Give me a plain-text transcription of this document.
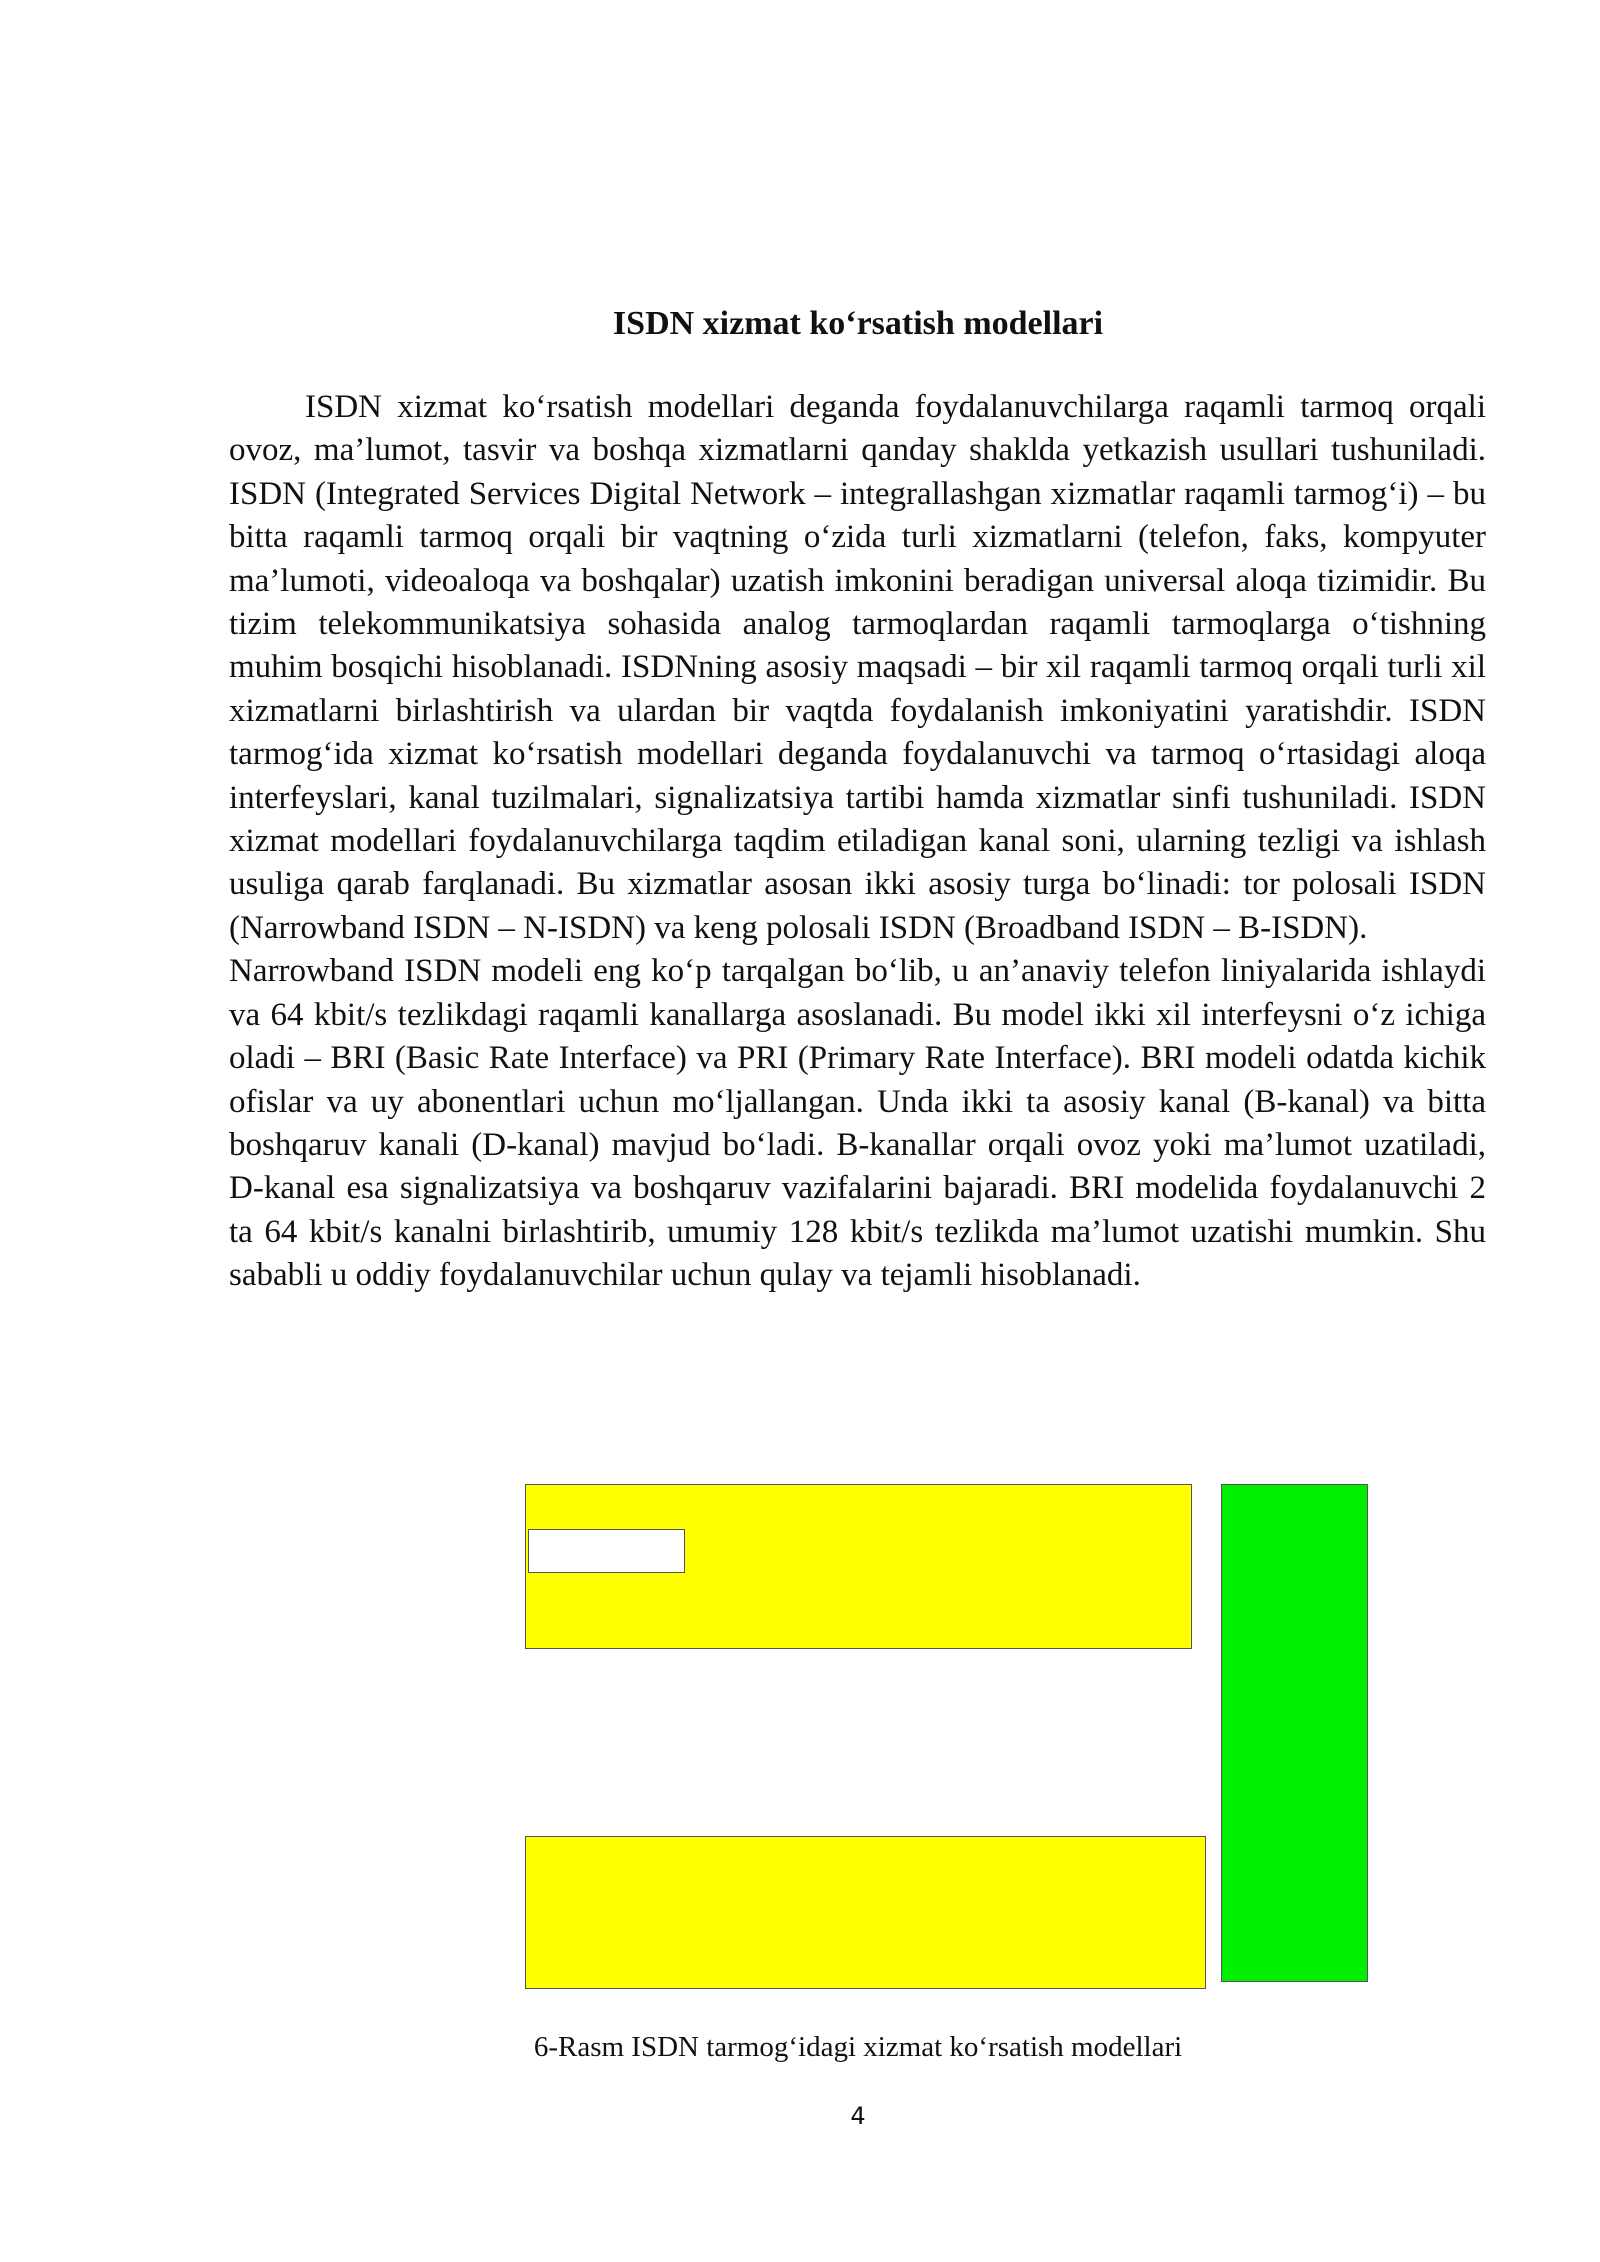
ISDN xizmat ko‘rsatish modellari

ISDN xizmat ko‘rsatish modellari deganda foydalanuvchilarga raqamli tarmoq orqali ovoz, ma’lumot, tasvir va boshqa xizmatlarni qanday shaklda yetkazish usullari tushuniladi. ISDN (Integrated Services Digital Network – integrallashgan xizmatlar raqamli tarmog‘i) – bu bitta raqamli tarmoq orqali bir vaqtning o‘zida turli xizmatlarni (telefon, faks, kompyuter ma’lumoti, videoaloqa va boshqalar) uzatish imkonini beradigan universal aloqa tizimidir. Bu tizim telekommunikatsiya sohasida analog tarmoqlardan raqamli tarmoqlarga o‘tishning muhim bosqichi hisoblanadi. ISDNning asosiy maqsadi – bir xil raqamli tarmoq orqali turli xil xizmatlarni birlashtirish va ulardan bir vaqtda foydalanish imkoniyatini yaratishdir. ISDN tarmog‘ida xizmat ko‘rsatish modellari deganda foydalanuvchi va tarmoq o‘rtasidagi aloqa interfeyslari, kanal tuzilmalari, signalizatsiya tartibi hamda xizmatlar sinfi tushuniladi. ISDN xizmat modellari foydalanuvchilarga taqdim etiladigan kanal soni, ularning tezligi va ishlash usuliga qarab farqlanadi. Bu xizmatlar asosan ikki asosiy turga bo‘linadi: tor polosali ISDN (Narrowband ISDN – N-ISDN) va keng polosali ISDN (Broadband ISDN – B-ISDN).

Narrowband ISDN modeli eng ko‘p tarqalgan bo‘lib, u an’anaviy telefon liniyalarida ishlaydi va 64 kbit/s tezlikdagi raqamli kanallarga asoslanadi. Bu model ikki xil interfeysni o‘z ichiga oladi – BRI (Basic Rate Interface) va PRI (Primary Rate Interface). BRI modeli odatda kichik ofislar va uy abonentlari uchun mo‘ljallangan. Unda ikki ta asosiy kanal (B-kanal) va bitta boshqaruv kanali (D-kanal) mavjud bo‘ladi. B-kanallar orqali ovoz yoki ma’lumot uzatiladi, D-kanal esa signalizatsiya va boshqaruv vazifalarini bajaradi. BRI modelida foydalanuvchi 2 ta 64 kbit/s kanalni birlashtirib, umumiy 128 kbit/s tezlikda ma’lumot uzatishi mumkin. Shu sababli u oddiy foydalanuvchilar uchun qulay va tejamli hisoblanadi.

6-Rasm ISDN tarmog‘idagi xizmat ko‘rsatish modellari

4
